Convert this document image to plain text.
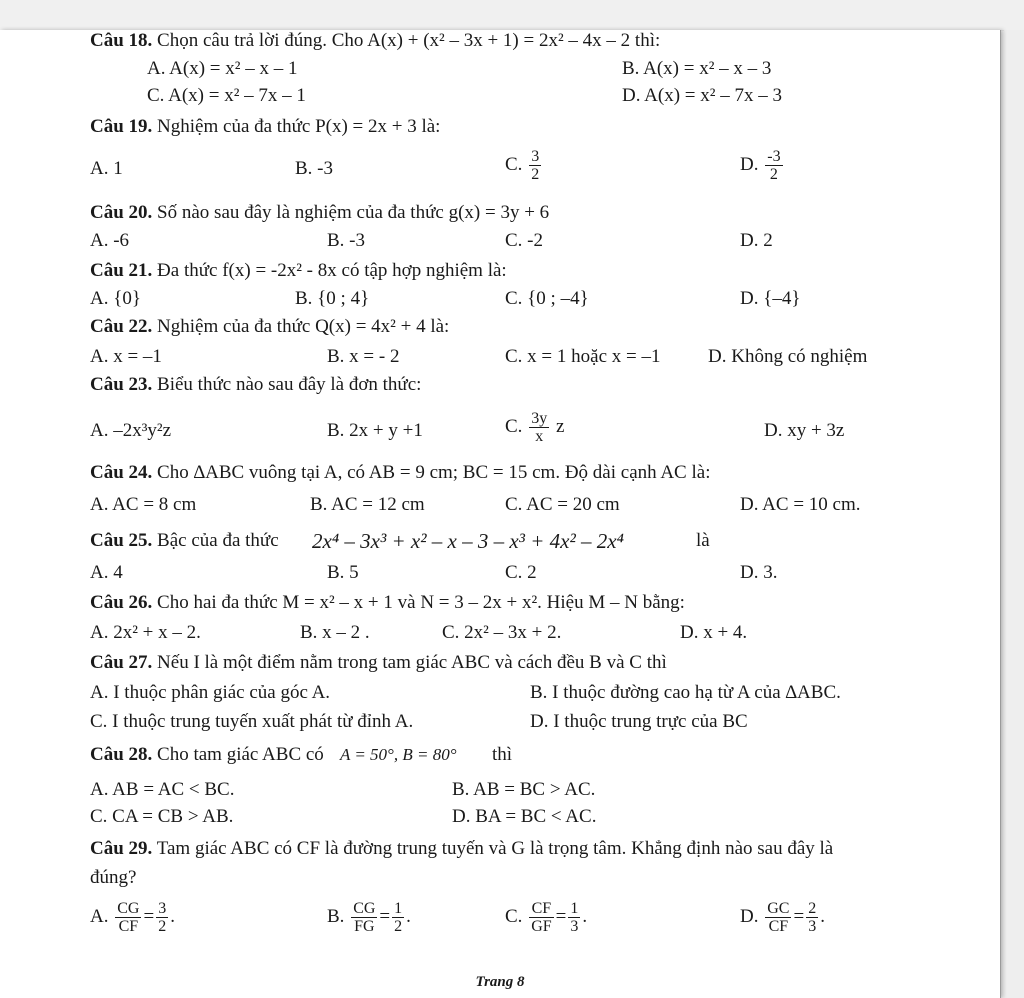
Câu 18. Chọn câu trả lời đúng. Cho A(x) + (x² – 3x + 1) = 2x² – 4x – 2 thì:
A. A(x) = x² – x – 1	B. A(x) = x² – x – 3
C. A(x) = x² – 7x – 1	D. A(x) = x² – 7x – 3
Câu 19. Nghiệm của đa thức P(x) = 2x + 3 là:
A. 1	B. -3	C. $\frac{3}{2}$	D. $\frac{-3}{2}$
Câu 20. Số nào sau đây là nghiệm của đa thức g(x) = 3y + 6
A. -6	B. -3	C. -2	D. 2
Câu 21. Đa thức f(x) = -2x² - 8x có tập hợp nghiệm là:
A. {0}	B. {0 ; 4}	C. {0 ; –4}	D. {–4}
Câu 22. Nghiệm của đa thức Q(x) = 4x² + 4 là:
A. x = –1	B. x = - 2	C. x = 1 hoặc x = –1	D. Không có nghiệm
Câu 23. Biểu thức nào sau đây là đơn thức:
A. –2x³y²z	B. 2x + y +1	C. $\frac{3y}{x}$ z	D. xy + 3z
Câu 24. Cho ∆ABC vuông tại A, có AB = 9 cm; BC = 15 cm. Độ dài cạnh AC là:
A. AC = 8 cm	B. AC = 12 cm	C. AC = 20 cm	D. AC = 10 cm.
Câu 25. Bậc của đa thức 2x⁴ – 3x³ + x² – x – 3 – x³ + 4x² – 2x⁴	là
A. 4	B. 5	C. 2	D. 3.
Câu 26. Cho hai đa thức M = x² – x + 1 và N = 3 – 2x + x². Hiệu M – N bằng:
A. 2x² + x – 2.	B. x – 2 .	C. 2x² – 3x + 2.	D. x + 4.
Câu 27. Nếu I là một điểm nằm trong tam giác ABC và cách đều B và C thì
A. I thuộc phân giác của góc A.	B. I thuộc đường cao hạ từ A của ∆ABC.
C. I thuộc trung tuyến xuất phát từ đỉnh A.	D. I thuộc trung trực của BC
Câu 28. Cho tam giác ABC có A = 50°, B = 80° thì
A. AB = AC < BC.	B. AB = BC > AC.
C. CA = CB > AB.	D. BA = BC < AC.
Câu 29. Tam giác ABC có CF là đường trung tuyến và G là trọng tâm. Khẳng định nào sau đây là
đúng?
A. $\frac{CG}{CF} = \frac{3}{2}$ .	B. $\frac{CG}{FG} = \frac{1}{2}$ .	C. $\frac{CF}{GF} = \frac{1}{3}$ .	D. $\frac{GC}{CF} = \frac{2}{3}$ .
Trang 8
